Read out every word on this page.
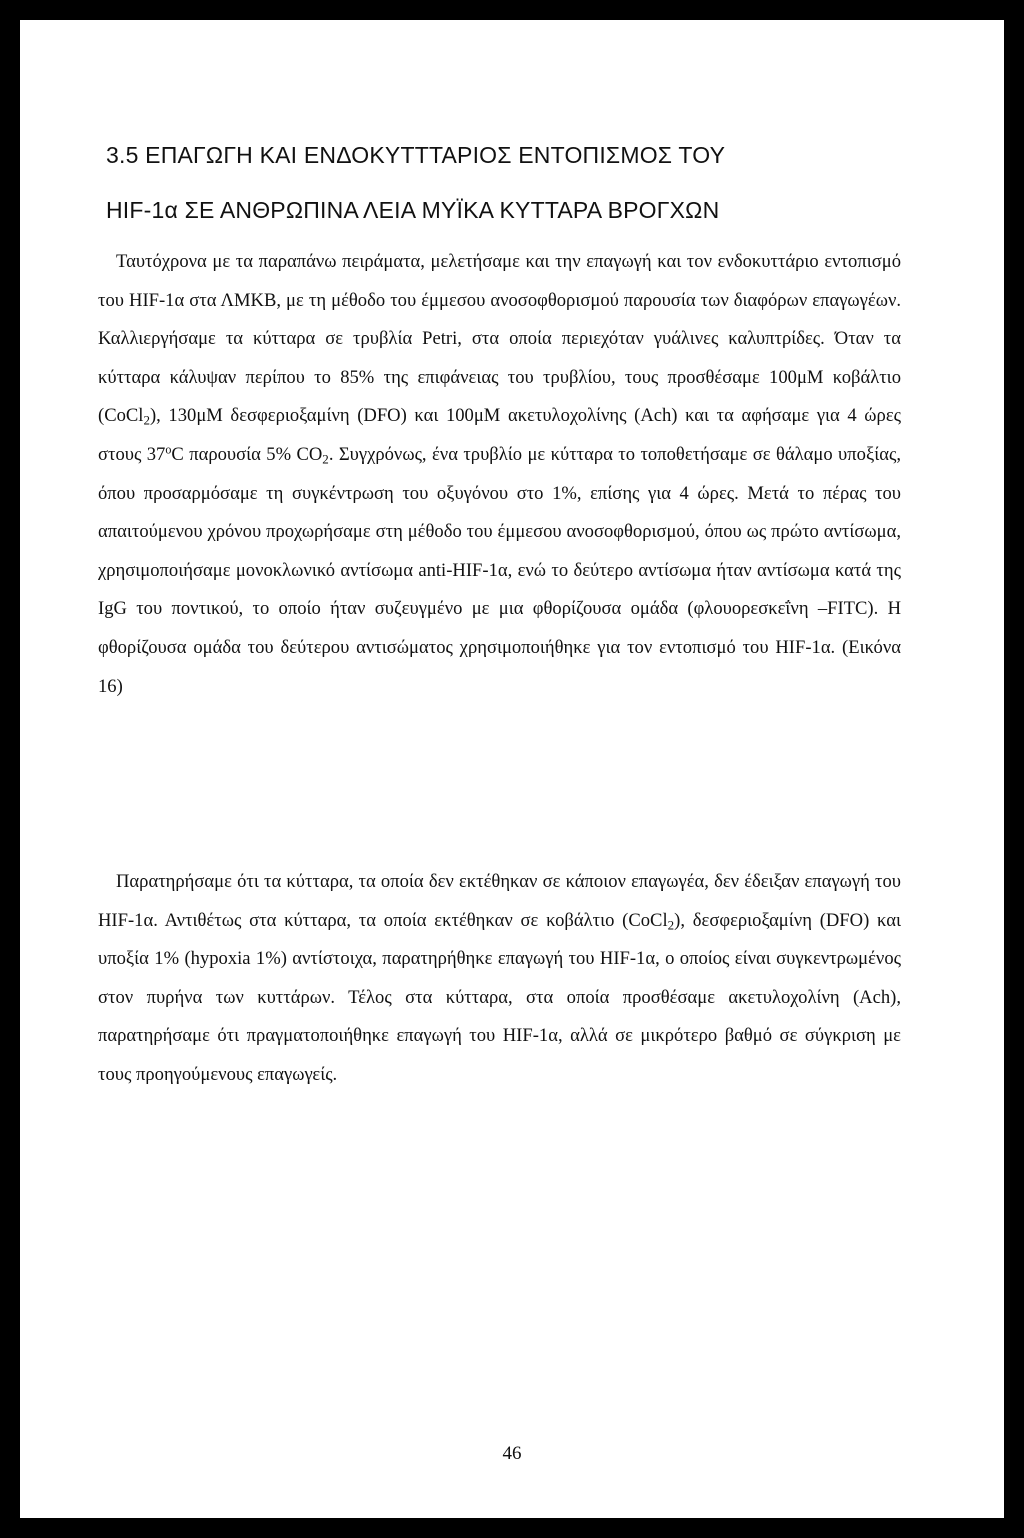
3.5 ΕΠΑΓΩΓΗ ΚΑΙ ΕΝΔΟΚΥΤΤΤΑΡΙΟΣ ΕΝΤΟΠΙΣΜΟΣ ΤΟΥ
HIF-1α ΣΕ ΑΝΘΡΩΠΙΝΑ ΛΕΙΑ ΜΥΪΚΑ ΚΥΤΤΑΡΑ ΒΡΟΓΧΩΝ

Ταυτόχρονα με τα παραπάνω πειράματα, μελετήσαμε και την επαγωγή και τον ενδοκυττάριο εντοπισμό του HIF-1α στα ΛΜΚΒ, με τη μέθοδο του έμμεσου ανοσοφθορισμού παρουσία των διαφόρων επαγωγέων. Καλλιεργήσαμε τα κύτταρα σε τρυβλία Petri, στα οποία περιεχόταν γυάλινες καλυπτρίδες. Όταν τα κύτταρα κάλυψαν περίπου το 85% της επιφάνειας του τρυβλίου, τους προσθέσαμε 100μΜ κοβάλτιο (CoCl$_2$), 130μΜ δεσφεριοξαμίνη (DFO) και 100μΜ ακετυλοχολίνης (Ach) και τα αφήσαμε για 4 ώρες στους 37$^o$C παρουσία 5% $CO_2$. Συγχρόνως, ένα τρυβλίο με κύτταρα το τοποθετήσαμε σε θάλαμο υποξίας, όπου προσαρμόσαμε τη συγκέντρωση του οξυγόνου στο 1%, επίσης για 4 ώρες. Μετά το πέρας του απαιτούμενου χρόνου προχωρήσαμε στη μέθοδο του έμμεσου ανοσοφθορισμού, όπου ως πρώτο αντίσωμα, χρησιμοποιήσαμε μονοκλωνικό αντίσωμα anti-HIF-1α, ενώ το δεύτερο αντίσωμα ήταν αντίσωμα κατά της IgG του ποντικού, το οποίο ήταν συζευγμένο με μια φθορίζουσα ομάδα (φλουορεσκεΐνη –FITC). Η φθορίζουσα ομάδα του δεύτερου αντισώματος χρησιμοποιήθηκε για τον εντοπισμό του HIF-1α. (Εικόνα 16)

Παρατηρήσαμε ότι τα κύτταρα, τα οποία δεν εκτέθηκαν σε κάποιον επαγωγέα, δεν έδειξαν επαγωγή του HIF-1α. Αντιθέτως στα κύτταρα, τα οποία εκτέθηκαν σε κοβάλτιο (CoCl$_2$), δεσφεριοξαμίνη (DFO) και υποξία 1% (hypoxia 1%) αντίστοιχα, παρατηρήθηκε επαγωγή του HIF-1α, ο οποίος είναι συγκεντρωμένος στον πυρήνα των κυττάρων. Τέλος στα κύτταρα, στα οποία προσθέσαμε ακετυλοχολίνη (Ach), παρατηρήσαμε ότι πραγματοποιήθηκε επαγωγή του HIF-1α, αλλά σε μικρότερο βαθμό σε σύγκριση με τους προηγούμενους επαγωγείς.

46
